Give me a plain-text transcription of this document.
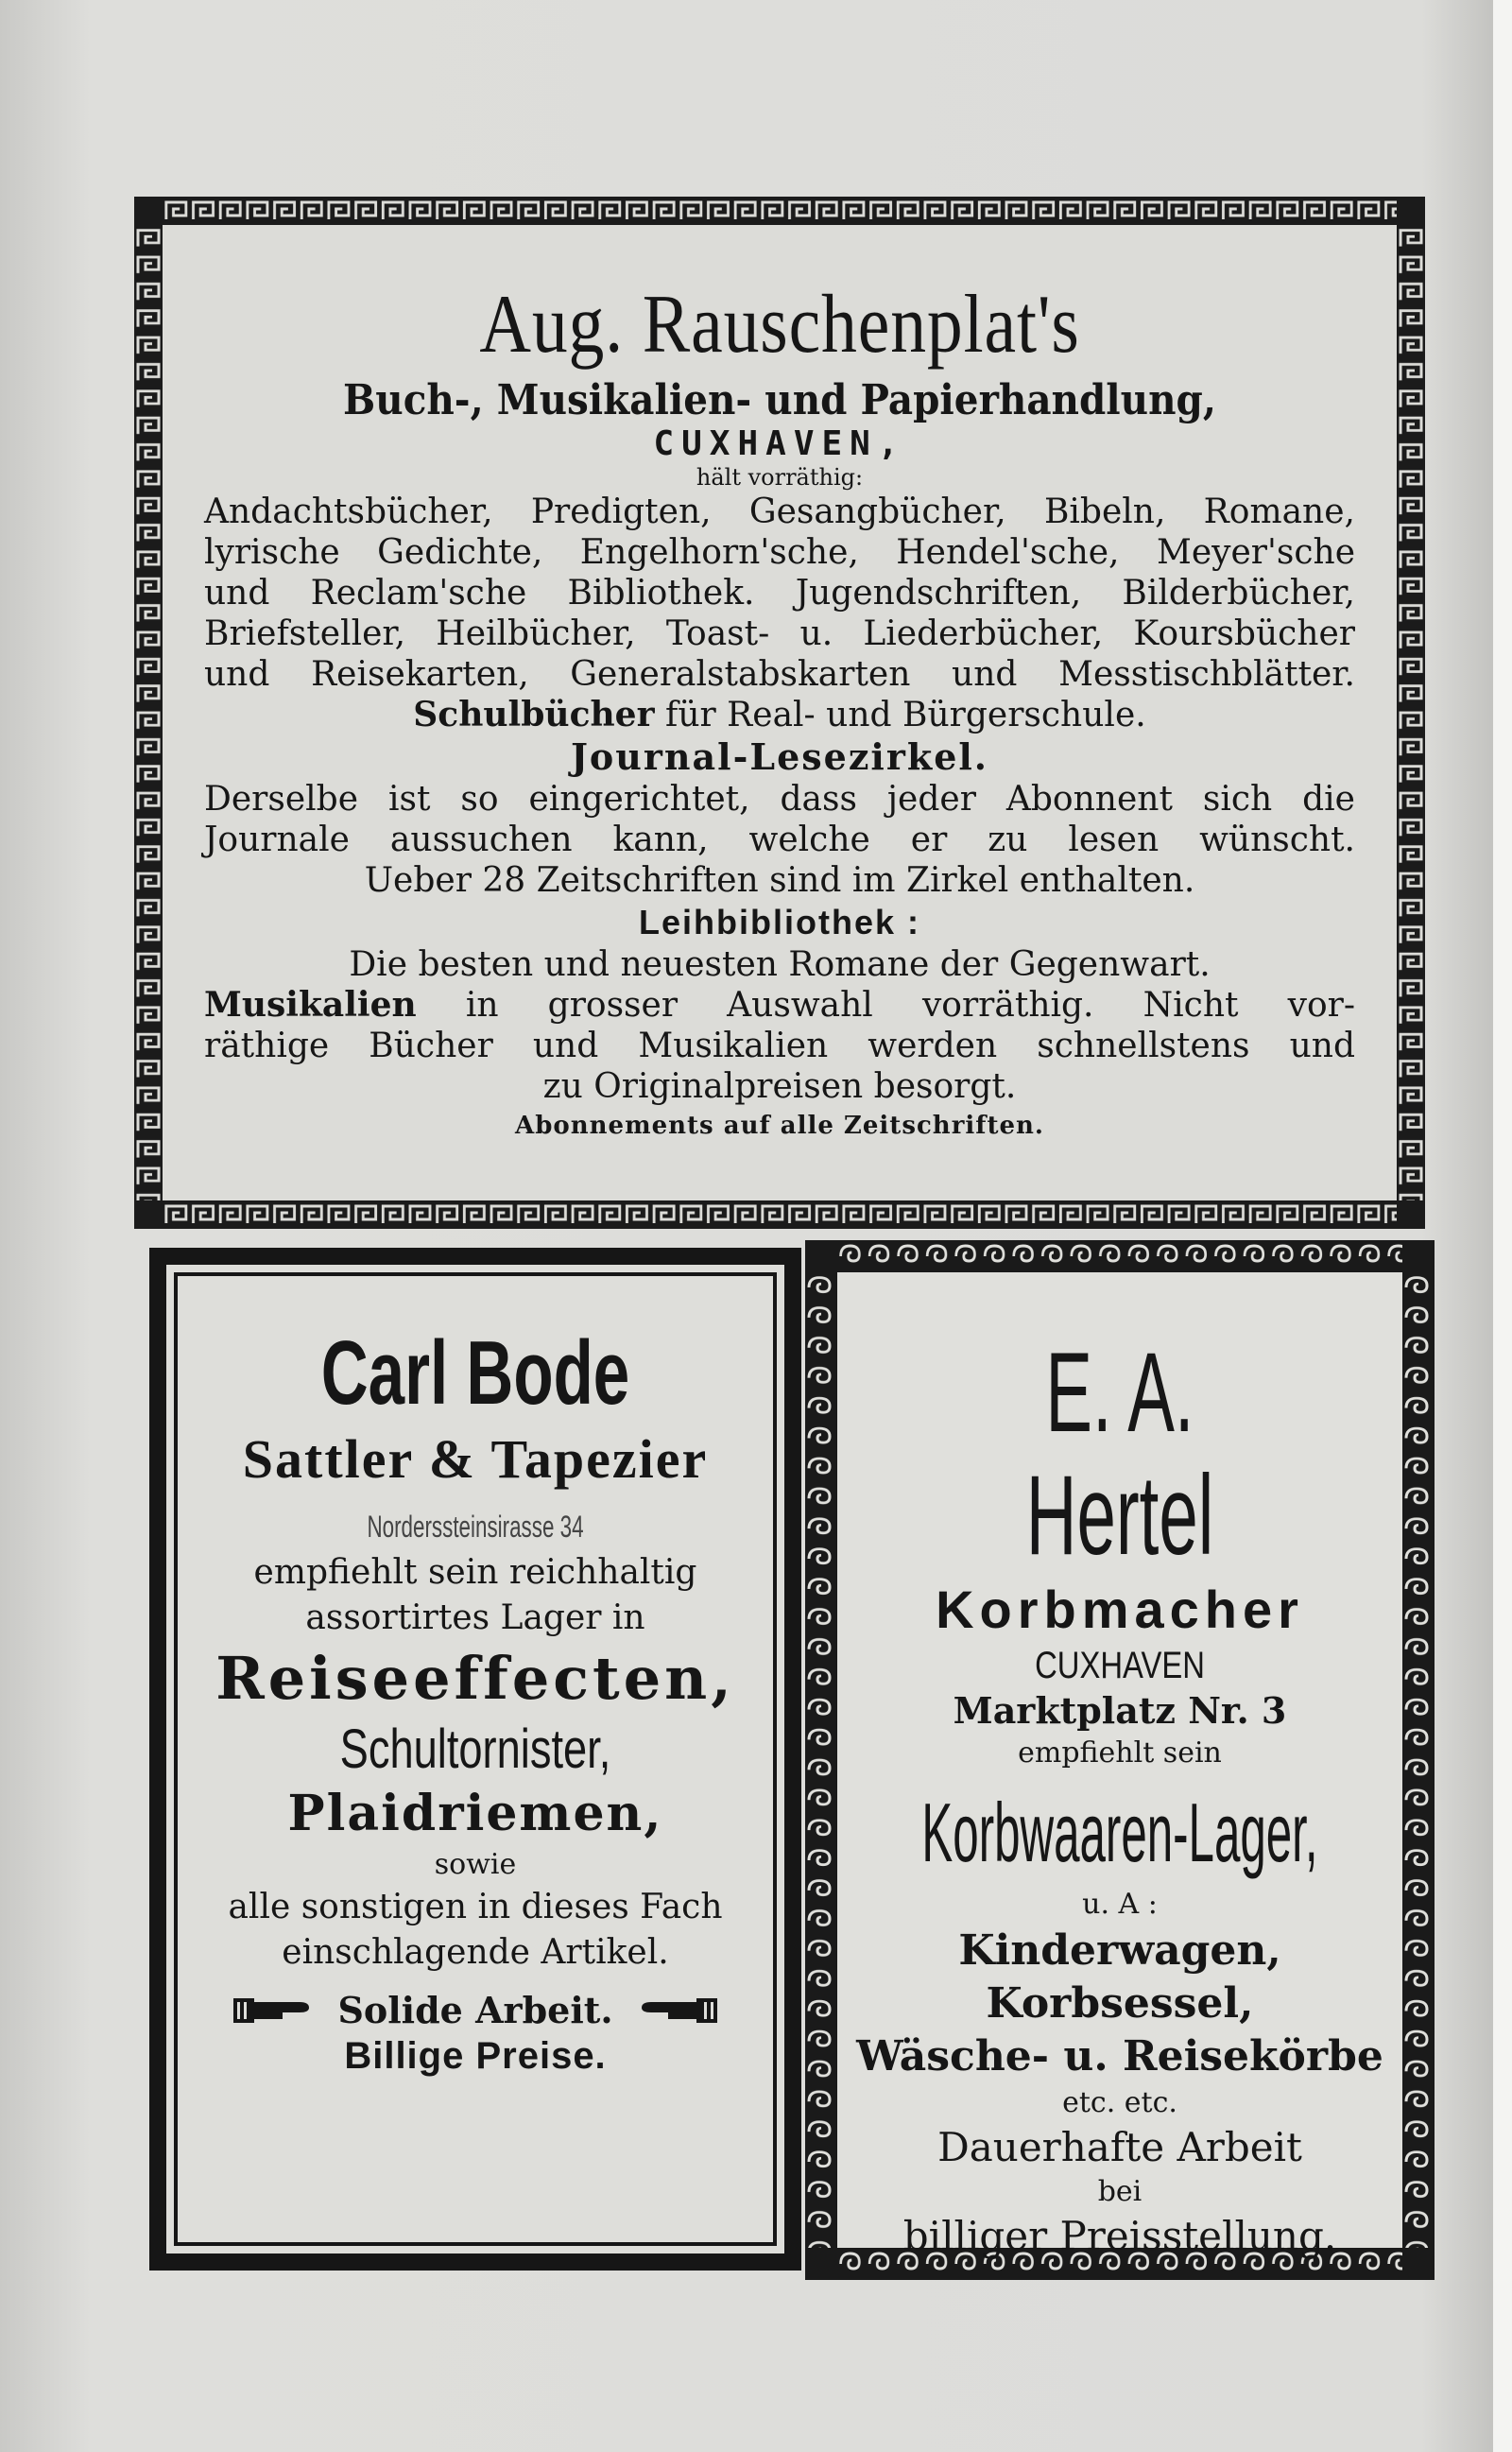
Aug. Rauschenplat's
Buch-, Musikalien- und Papierhandlung,
CUXHAVEN,
hält vorräthig:
Andachtsbücher, Predigten, Gesangbücher, Bibeln, Romane,
lyrische Gedichte, Engelhorn'sche, Hendel'sche, Meyer'sche
und Reclam'sche Bibliothek. Jugendschriften, Bilderbücher,
Briefsteller, Heilbücher, Toast- u. Liederbücher, Koursbücher
und Reisekarten, Generalstabskarten und Messtischblätter.
Schulbücher für Real- und Bürgerschule.
Journal-Lesezirkel.
Derselbe ist so eingerichtet, dass jeder Abonnent sich die
Journale aussuchen kann, welche er zu lesen wünscht.
Ueber 28 Zeitschriften sind im Zirkel enthalten.
Leihbibliothek :
Die besten und neuesten Romane der Gegenwart.
Musikalien in grosser Auswahl vorräthig. Nicht vor-
räthige Bücher und Musikalien werden schnellstens und
zu Originalpreisen besorgt.
Abonnements auf alle Zeitschriften.
Carl Bode
Sattler & Tapezier
Norderssteinsirasse 34
empfiehlt sein reichhaltig
assortirtes Lager in
Reiseeffecten,
Schultornister,
Plaidriemen,
sowie
alle sonstigen in dieses Fach
einschlagende Artikel.
Solide Arbeit.
Billige Preise.
E. A. Hertel
Korbmacher
CUXHAVEN
Marktplatz Nr. 3
empfiehlt sein
Korbwaaren-Lager,
u. A :
Kinderwagen,
Korbsessel,
Wäsche- u. Reisekörbe
etc. etc.
Dauerhafte Arbeit
bei
billiger Preisstellung.
